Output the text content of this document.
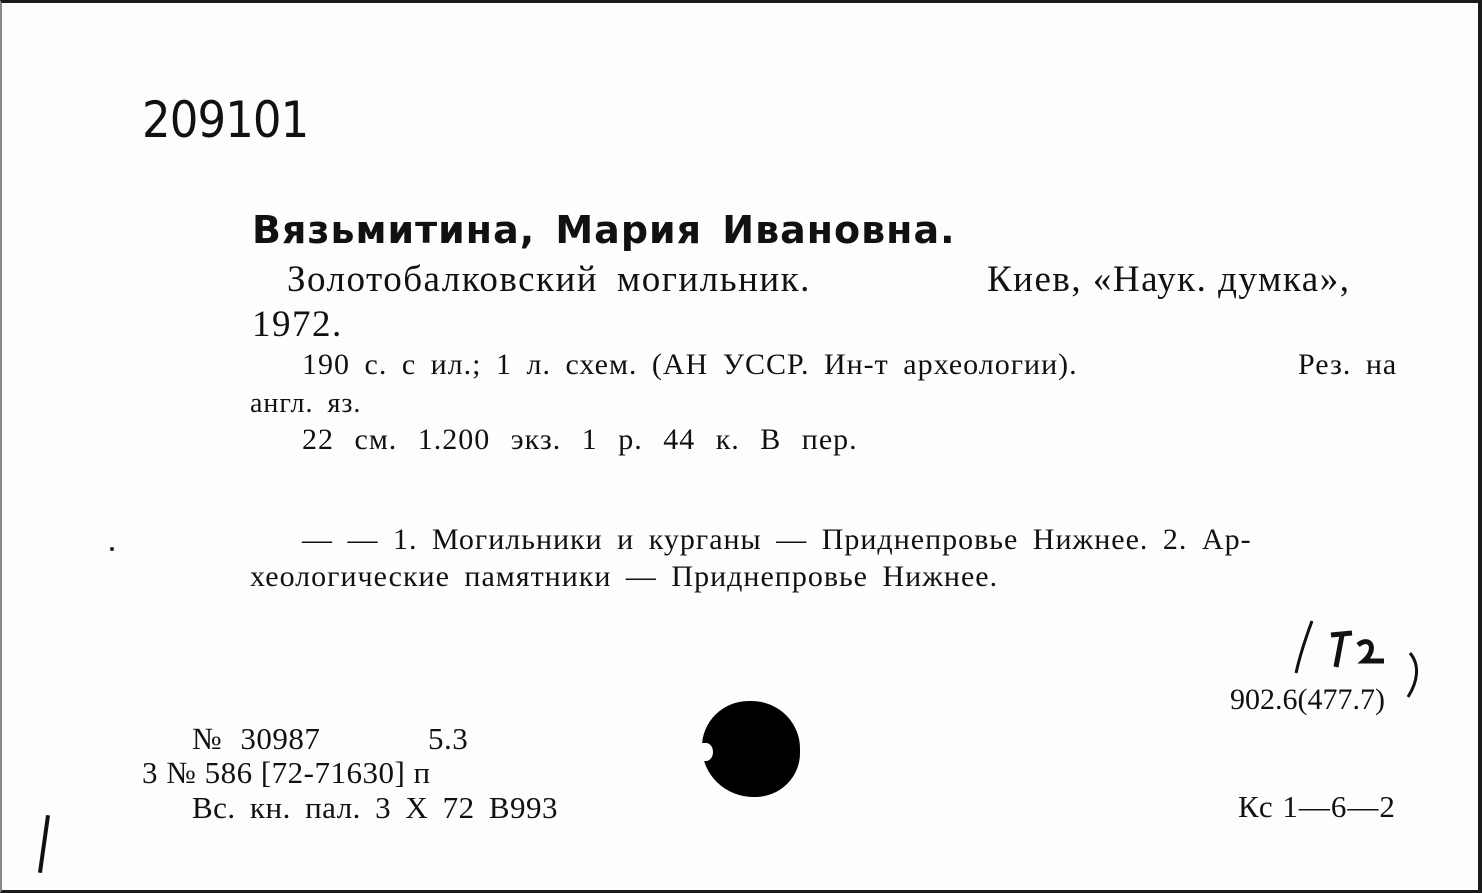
209101
Вязьмитина, Мария Ивановна.
Золотобалковский могильник.	Киев, «Наук. думка»,
1972.
190 с. с ил.; 1 л. схем. (АН УССР. Ин-т археологии).	Рез. на
англ. яз.
22 см. 1.200 экз. 1 р. 44 к. В пер.
— — 1. Могильники и курганы — Приднепровье Нижнее. 2. Ар-
хеологические памятники — Приднепровье Нижнее.
902.6(477.7)
№ 30987	5.3
3 № 586 [72-71630] п
Вс. кн. пал. 3 X 72 В993	Кс 1—6—2
